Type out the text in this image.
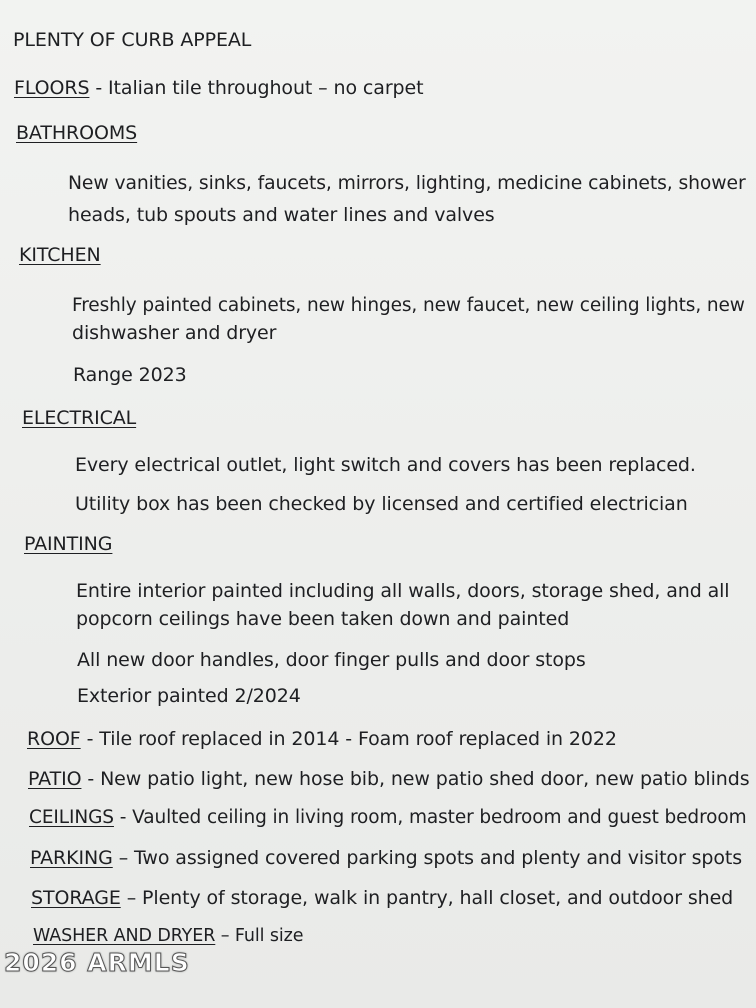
PLENTY OF CURB APPEAL
FLOORS - Italian tile throughout – no carpet
BATHROOMS
New vanities, sinks, faucets, mirrors, lighting, medicine cabinets, shower
heads, tub spouts and water lines and valves
KITCHEN
Freshly painted cabinets, new hinges, new faucet, new ceiling lights, new
dishwasher and dryer
Range 2023
ELECTRICAL
Every electrical outlet, light switch and covers has been replaced.
Utility box has been checked by licensed and certified electrician
PAINTING
Entire interior painted including all walls, doors, storage shed, and all
popcorn ceilings have been taken down and painted
All new door handles, door finger pulls and door stops
Exterior painted 2/2024
ROOF - Tile roof replaced in 2014 - Foam roof replaced in 2022
PATIO - New patio light, new hose bib, new patio shed door, new patio blinds
CEILINGS - Vaulted ceiling in living room, master bedroom and guest bedroom
PARKING – Two assigned covered parking spots and plenty and visitor spots
STORAGE – Plenty of storage, walk in pantry, hall closet, and outdoor shed
WASHER AND DRYER – Full size
2026 ARMLS
